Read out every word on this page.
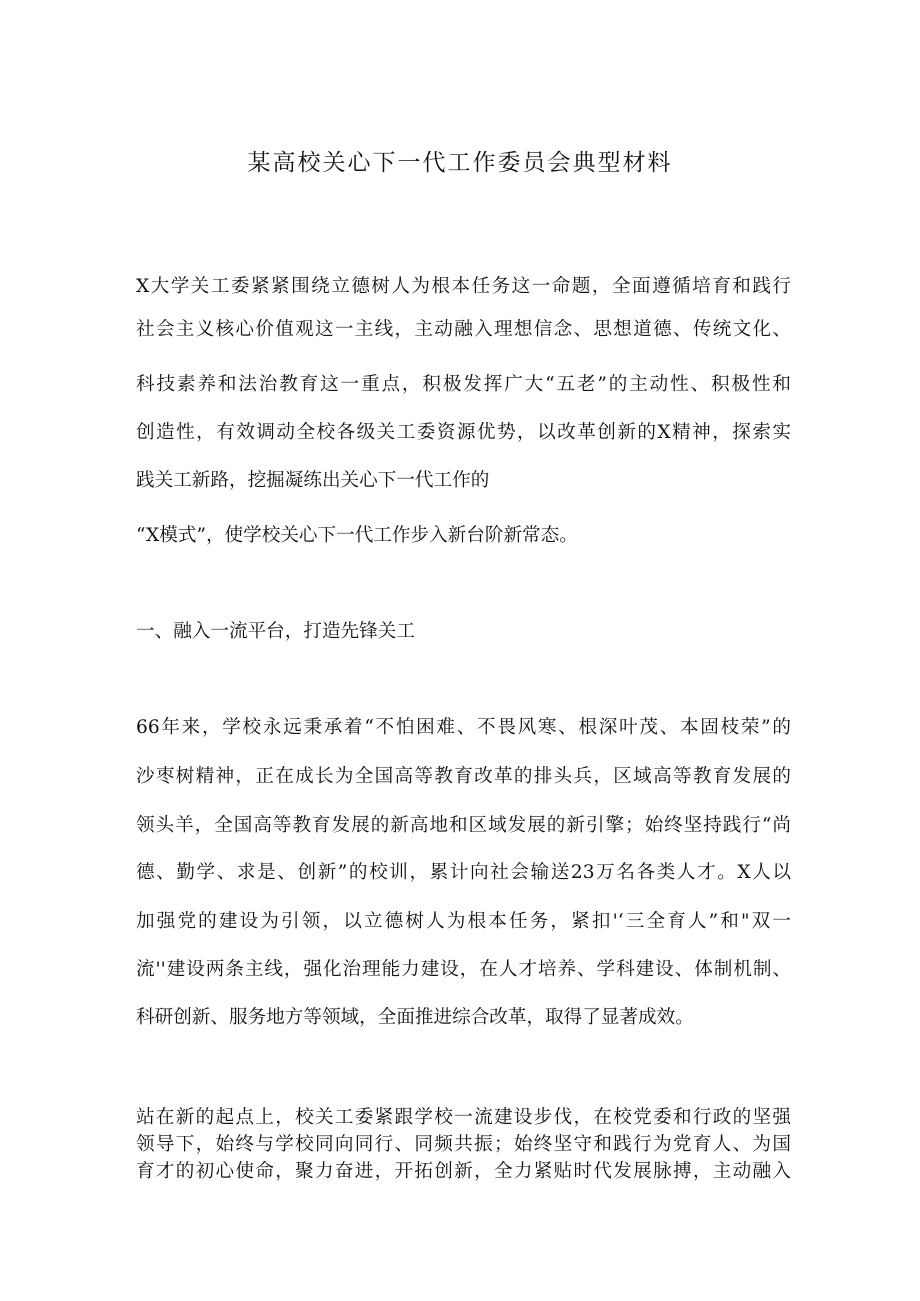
某高校关心下一代工作委员会典型材料
X大学关工委紧紧围绕立德树人为根本任务这一命题，全面遵循培育和践行
社会主义核心价值观这一主线，主动融入理想信念、思想道德、传统文化、
科技素养和法治教育这一重点，积极发挥广大“五老”的主动性、积极性和
创造性，有效调动全校各级关工委资源优势，以改革创新的X精神，探索实
践关工新路，挖掘凝练出关心下一代工作的
“X模式”，使学校关心下一代工作步入新台阶新常态。
一、融入一流平台，打造先锋关工
66年来，学校永远秉承着“不怕困难、不畏风寒、根深叶茂、本固枝荣”的
沙枣树精神，正在成长为全国高等教育改革的排头兵，区域高等教育发展的
领头羊，全国高等教育发展的新高地和区域发展的新引擎；始终坚持践行“尚
德、勤学、求是、创新”的校训，累计向社会输送23万名各类人才。X人以
加强党的建设为引领，以立德树人为根本任务，紧扣'‘三全育人”和"双一
流''建设两条主线，强化治理能力建设，在人才培养、学科建设、体制机制、
科研创新、服务地方等领域，全面推进综合改革，取得了显著成效。
站在新的起点上，校关工委紧跟学校一流建设步伐，在校党委和行政的坚强
领导下，始终与学校同向同行、同频共振；始终坚守和践行为党育人、为国
育才的初心使命，聚力奋进，开拓创新，全力紧贴时代发展脉搏，主动融入
